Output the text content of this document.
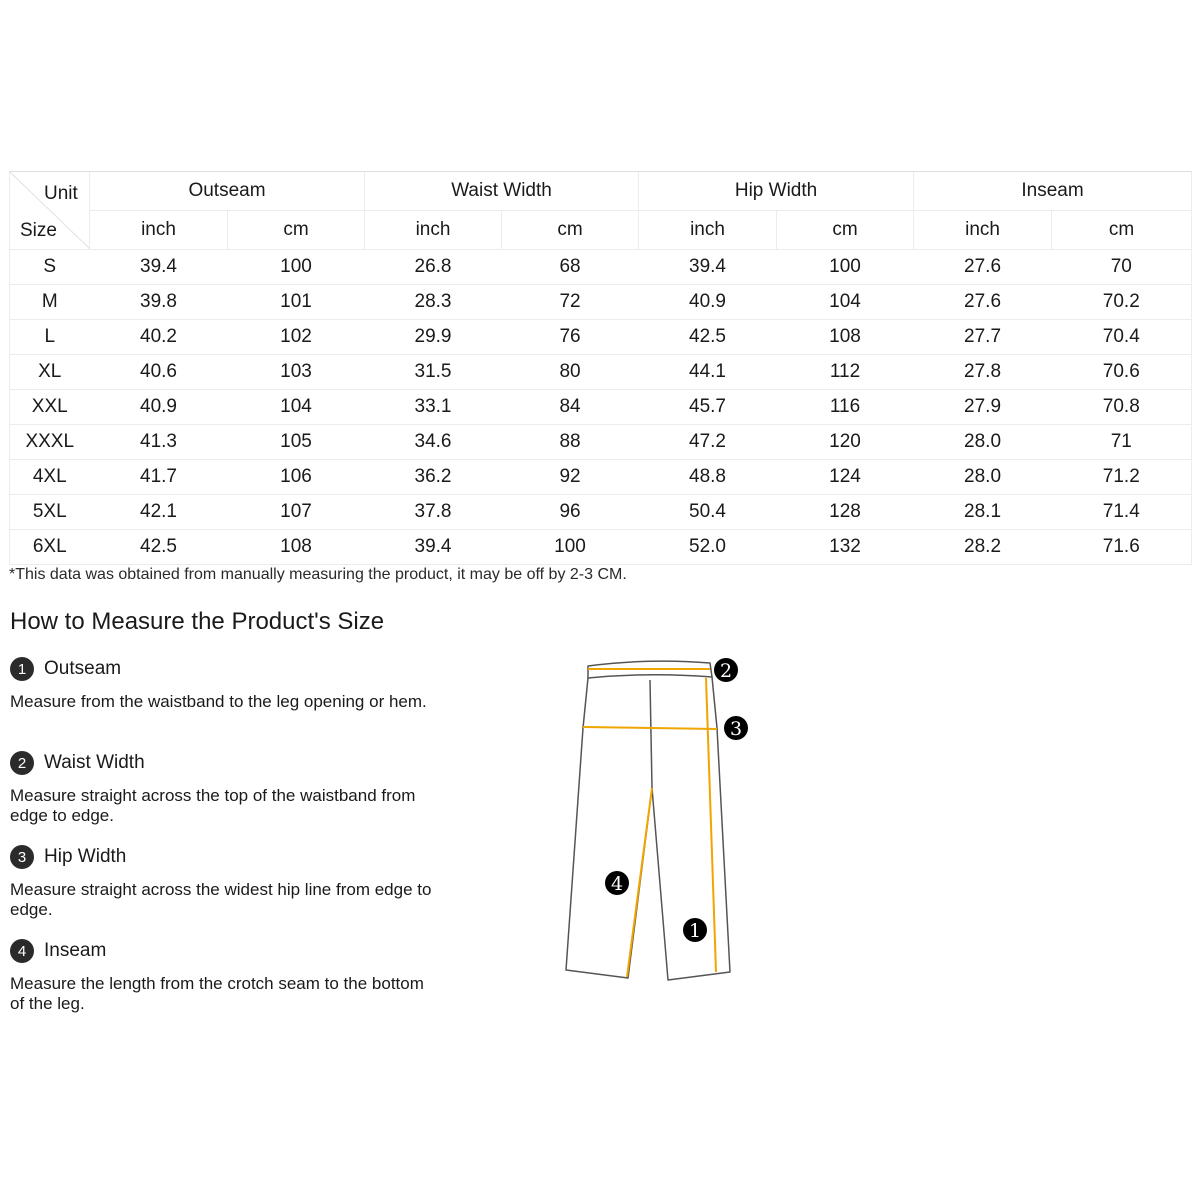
Unit
Size	Outseam		Waist Width		Hip Width		Inseam	
	inch	cm	inch	cm	inch	cm	inch	cm
S	39.4	100	26.8	68	39.4	100	27.6	70
M	39.8	101	28.3	72	40.9	104	27.6	70.2
L	40.2	102	29.9	76	42.5	108	27.7	70.4
XL	40.6	103	31.5	80	44.1	112	27.8	70.6
XXL	40.9	104	33.1	84	45.7	116	27.9	70.8
XXXL	41.3	105	34.6	88	47.2	120	28.0	71
4XL	41.7	106	36.2	92	48.8	124	28.0	71.2
5XL	42.1	107	37.8	96	50.4	128	28.1	71.4
6XL	42.5	108	39.4	100	52.0	132	28.2	71.6
*This data was obtained from manually measuring the product, it may be off by 2-3 CM.
How to Measure the Product's Size
1 Outseam
Measure from the waistband to the leg opening or hem.
2 Waist Width
Measure straight across the top of the waistband from edge to edge.
3 Hip Width
Measure straight across the widest hip line from edge to edge.
4 Inseam
Measure the length from the crotch seam to the bottom of the leg.
2
3
4
1
